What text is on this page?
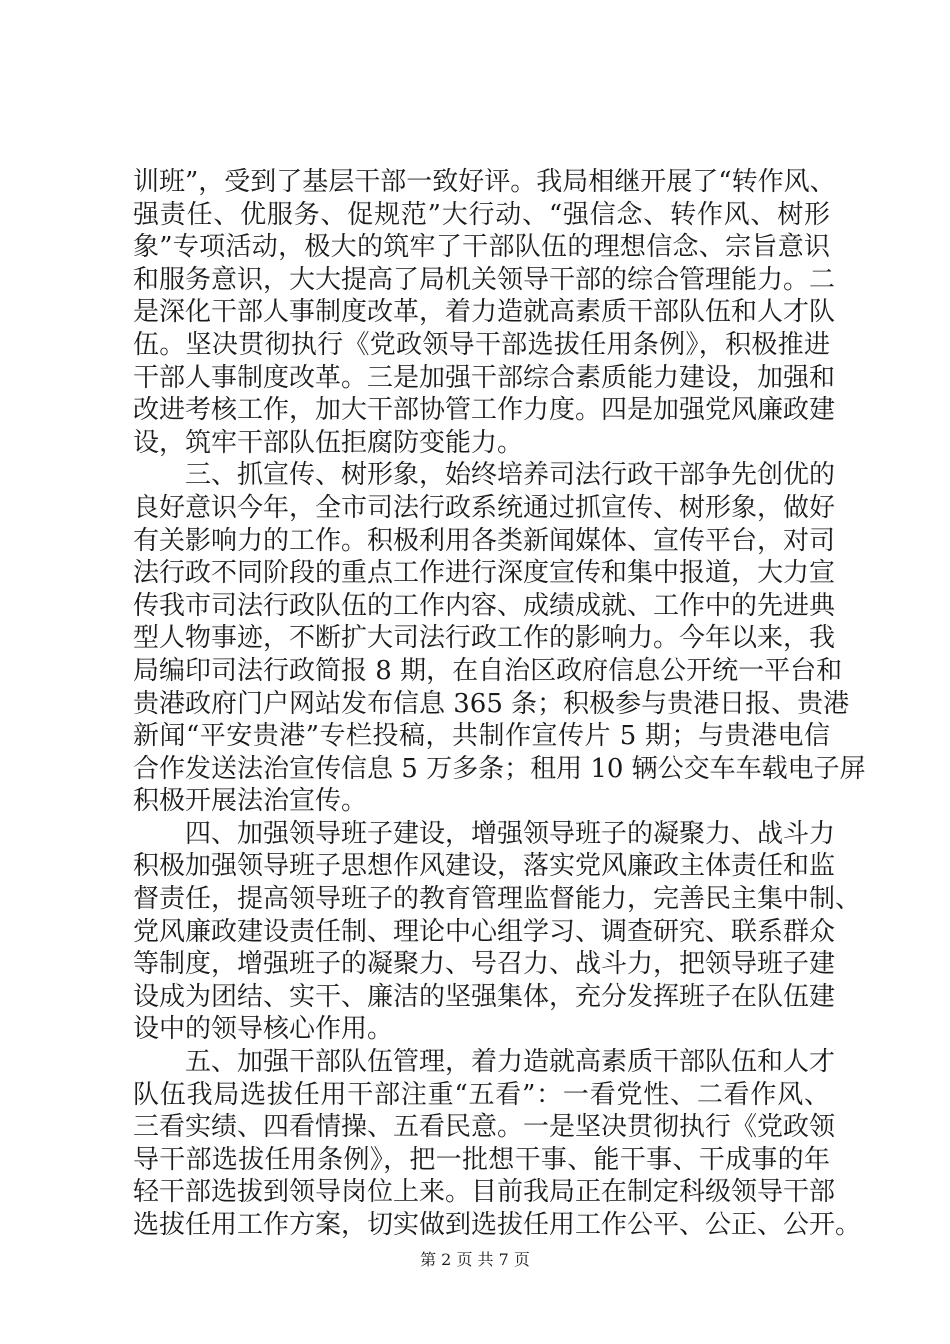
训班”，受到了基层干部一致好评。我局相继开展了“转作风、
强责任、优服务、促规范”大行动、“强信念、转作风、树形
象”专项活动，极大的筑牢了干部队伍的理想信念、宗旨意识
和服务意识，大大提高了局机关领导干部的综合管理能力。二
是深化干部人事制度改革，着力造就高素质干部队伍和人才队
伍。坚决贯彻执行《党政领导干部选拔任用条例》，积极推进
干部人事制度改革。三是加强干部综合素质能力建设，加强和
改进考核工作，加大干部协管工作力度。四是加强党风廉政建
设，筑牢干部队伍拒腐防变能力。
三、抓宣传、树形象，始终培养司法行政干部争先创优的
良好意识今年，全市司法行政系统通过抓宣传、树形象，做好
有关影响力的工作。积极利用各类新闻媒体、宣传平台，对司
法行政不同阶段的重点工作进行深度宣传和集中报道，大力宣
传我市司法行政队伍的工作内容、成绩成就、工作中的先进典
型人物事迹，不断扩大司法行政工作的影响力。今年以来，我
局编印司法行政简报 8 期，在自治区政府信息公开统一平台和
贵港政府门户网站发布信息 365 条；积极参与贵港日报、贵港
新闻“平安贵港”专栏投稿，共制作宣传片 5 期；与贵港电信
合作发送法治宣传信息 5 万多条；租用 10 辆公交车车载电子屏
积极开展法治宣传。
四、加强领导班子建设，增强领导班子的凝聚力、战斗力
积极加强领导班子思想作风建设，落实党风廉政主体责任和监
督责任，提高领导班子的教育管理监督能力，完善民主集中制、
党风廉政建设责任制、理论中心组学习、调查研究、联系群众
等制度，增强班子的凝聚力、号召力、战斗力，把领导班子建
设成为团结、实干、廉洁的坚强集体，充分发挥班子在队伍建
设中的领导核心作用。
五、加强干部队伍管理，着力造就高素质干部队伍和人才
队伍我局选拔任用干部注重“五看”：一看党性、二看作风、
三看实绩、四看情操、五看民意。一是坚决贯彻执行《党政领
导干部选拔任用条例》，把一批想干事、能干事、干成事的年
轻干部选拔到领导岗位上来。目前我局正在制定科级领导干部
选拔任用工作方案，切实做到选拔任用工作公平、公正、公开。
第 2 页 共 7 页
